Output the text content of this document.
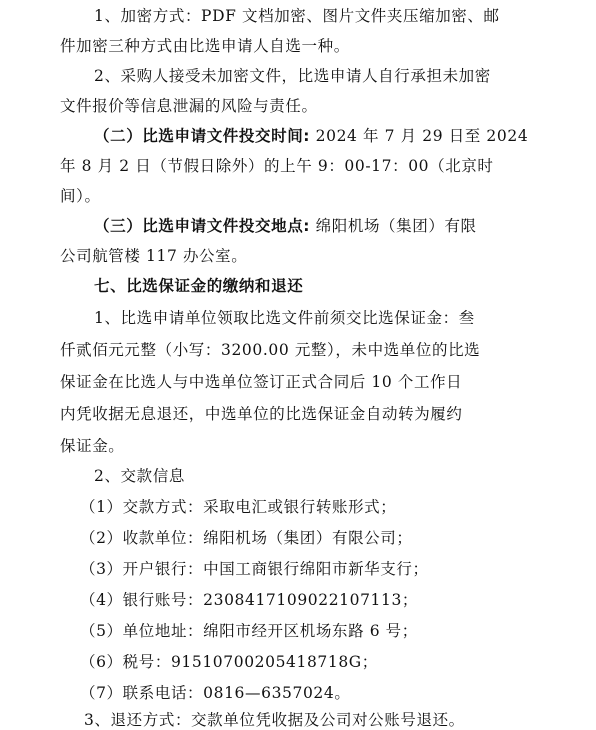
1、加密方式：PDF 文档加密、图片文件夹压缩加密、邮
件加密三种方式由比选申请人自选一种。
2、采购人接受未加密文件，比选申请人自行承担未加密
文件报价等信息泄漏的风险与责任。
（二）比选申请文件投交时间: 2024 年 7 月 29 日至 2024
年 8 月 2 日（节假日除外）的上午 9：00-17：00（北京时
间）。
（三）比选申请文件投交地点: 绵阳机场（集团）有限
公司航管楼 117 办公室。
七、比选保证金的缴纳和退还
1、比选申请单位领取比选文件前须交比选保证金：叁
仟贰佰元元整（小写：3200.00 元整），未中选单位的比选
保证金在比选人与中选单位签订正式合同后 10 个工作日
内凭收据无息退还，中选单位的比选保证金自动转为履约
保证金。
2、交款信息
（1）交款方式：采取电汇或银行转账形式；
（2）收款单位：绵阳机场（集团）有限公司；
（3）开户银行：中国工商银行绵阳市新华支行；
（4）银行账号：2308417109022107113；
（5）单位地址：绵阳市经开区机场东路 6 号；
（6）税号：91510700205418718G；
（7）联系电话：0816—6357024。
3、退还方式：交款单位凭收据及公司对公账号退还。
